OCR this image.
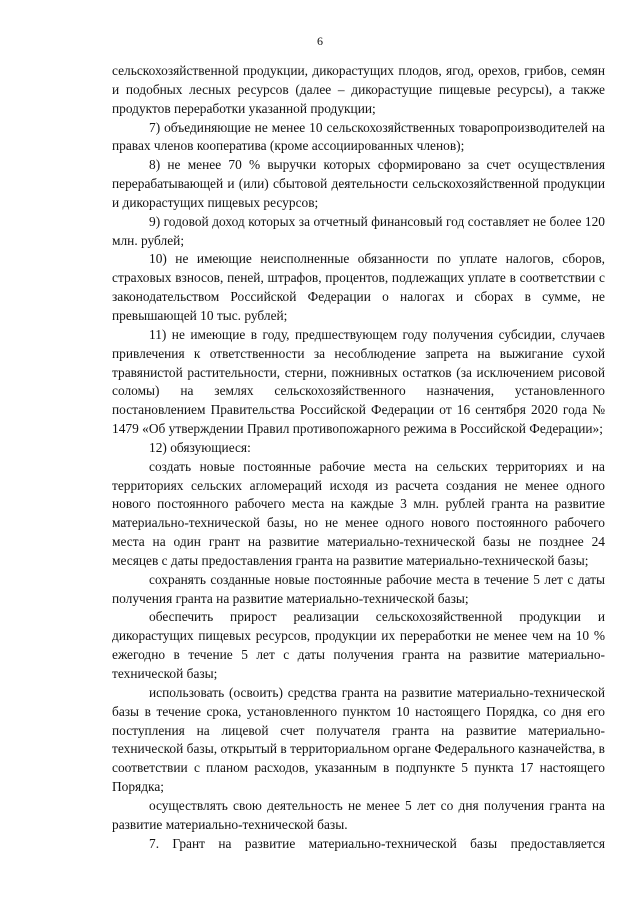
6

сельскохозяйственной продукции, дикорастущих плодов, ягод, орехов, грибов, семян и подобных лесных ресурсов (далее – дикорастущие пищевые ресурсы), а также продуктов переработки указанной продукции;

7) объединяющие не менее 10 сельскохозяйственных товаропроизводителей на правах членов кооператива (кроме ассоциированных членов);

8) не менее 70 % выручки которых сформировано за счет осуществления перерабатывающей и (или) сбытовой деятельности сельскохозяйственной продукции и дикорастущих пищевых ресурсов;

9) годовой доход которых за отчетный финансовый год составляет не более 120 млн. рублей;

10) не имеющие неисполненные обязанности по уплате налогов, сборов, страховых взносов, пеней, штрафов, процентов, подлежащих уплате в соответствии с законодательством Российской Федерации о налогах и сборах в сумме, не превышающей 10 тыс. рублей;

11) не имеющие в году, предшествующем году получения субсидии, случаев привлечения к ответственности за несоблюдение запрета на выжигание сухой травянистой растительности, стерни, пожнивных остатков (за исключением рисовой соломы) на землях сельскохозяйственного назначения, установленного постановлением Правительства Российской Федерации от 16 сентября 2020 года № 1479 «Об утверждении Правил противопожарного режима в Российской Федерации»;

12) обязующиеся:

создать новые постоянные рабочие места на сельских территориях и на территориях сельских агломераций исходя из расчета создания не менее одного нового постоянного рабочего места на каждые 3 млн. рублей гранта на развитие материально-технической базы, но не менее одного нового постоянного рабочего места на один грант на развитие материально-технической базы не позднее 24 месяцев с даты предоставления гранта на развитие материально-технической базы;

сохранять созданные новые постоянные рабочие места в течение 5 лет с даты получения гранта на развитие материально-технической базы;

обеспечить прирост реализации сельскохозяйственной продукции и дикорастущих пищевых ресурсов, продукции их переработки не менее чем на 10 % ежегодно в течение 5 лет с даты получения гранта на развитие материально-технической базы;

использовать (освоить) средства гранта на развитие материально-технической базы в течение срока, установленного пунктом 10 настоящего Порядка, со дня его поступления на лицевой счет получателя гранта на развитие материально-технической базы, открытый в территориальном органе Федерального казначейства, в соответствии с планом расходов, указанным в подпункте 5 пункта 17 настоящего Порядка;

осуществлять свою деятельность не менее 5 лет со дня получения гранта на развитие материально-технической базы.

7. Грант на развитие материально-технической базы предоставляется
